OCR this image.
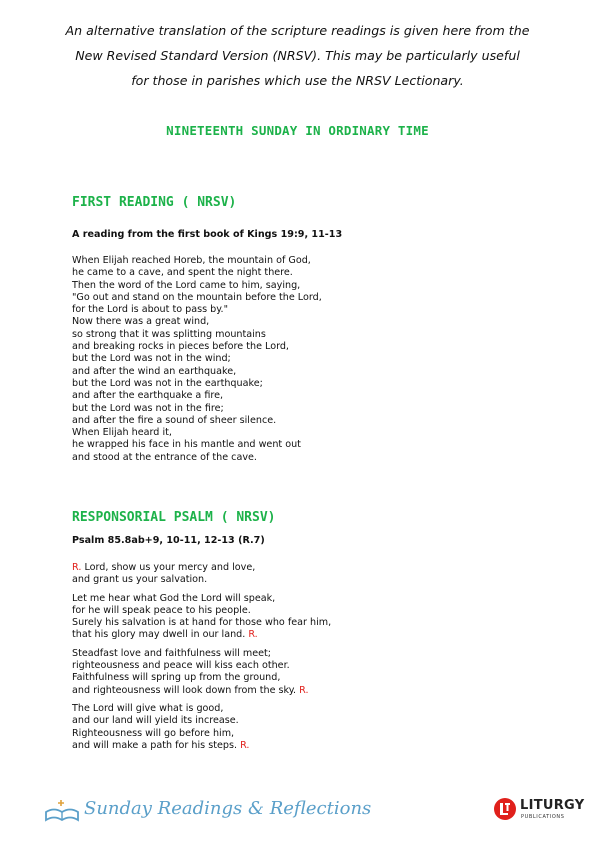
An alternative translation of the scripture readings is given here from the
New Revised Standard Version (NRSV). This may be particularly useful
for those in parishes which use the NRSV Lectionary.
NINETEENTH SUNDAY IN ORDINARY TIME
FIRST READING ( NRSV)
A reading from the first book of Kings 19:9, 11-13
When Elijah reached Horeb, the mountain of God,
he came to a cave, and spent the night there.
Then the word of the Lord came to him, saying,
"Go out and stand on the mountain before the Lord,
for the Lord is about to pass by."
Now there was a great wind,
so strong that it was splitting mountains
and breaking rocks in pieces before the Lord,
but the Lord was not in the wind;
and after the wind an earthquake,
but the Lord was not in the earthquake;
and after the earthquake a fire,
but the Lord was not in the fire;
and after the fire a sound of sheer silence.
When Elijah heard it,
he wrapped his face in his mantle and went out
and stood at the entrance of the cave.
RESPONSORIAL PSALM ( NRSV)
Psalm 85.8ab+9, 10-11, 12-13 (R.7)
R. Lord, show us your mercy and love,
and grant us your salvation.
Let me hear what God the Lord will speak,
for he will speak peace to his people.
Surely his salvation is at hand for those who fear him,
that his glory may dwell in our land. R.
Steadfast love and faithfulness will meet;
righteousness and peace will kiss each other.
Faithfulness will spring up from the ground,
and righteousness will look down from the sky. R.
The Lord will give what is good,
and our land will yield its increase.
Righteousness will go before him,
and will make a path for his steps. R.
Sunday Readings & Reflections	LITURGY
PUBLICATIONS
